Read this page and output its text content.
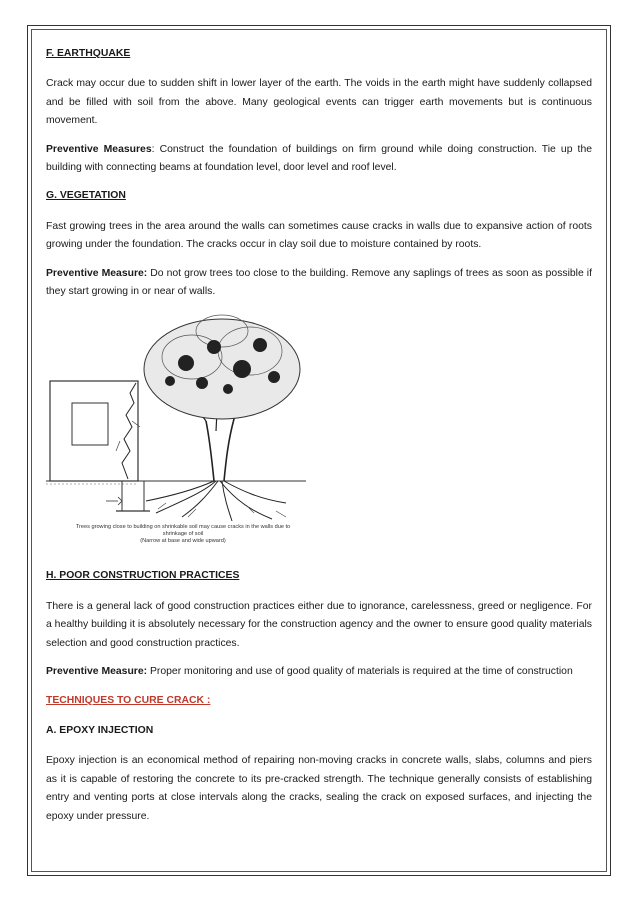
F. EARTHQUAKE

Crack may occur due to sudden shift in lower layer of the earth. The voids in the earth might have suddenly collapsed and be filled with soil from the above. Many geological events can trigger earth movements but is continuous movement.

Preventive Measures: Construct the foundation of buildings on firm ground while doing construction. Tie up the building with connecting beams at foundation level, door level and roof level.

G. VEGETATION

Fast growing trees in the area around the walls can sometimes cause cracks in walls due to expansive action of roots growing under the foundation. The cracks occur in clay soil due to moisture contained by roots.

Preventive Measure: Do not grow trees too close to the building. Remove any saplings of trees as soon as possible if they start growing in or near of walls.

Trees growing close to building on shrinkable soil may cause cracks in the walls due to
shrinkage of soil
(Narrow at base and wide upward)
H. POOR CONSTRUCTION PRACTICES

There is a general lack of good construction practices either due to ignorance, carelessness, greed or negligence. For a healthy building it is absolutely necessary for the construction agency and the owner to ensure good quality materials selection and good construction practices.

Preventive Measure: Proper monitoring and use of good quality of materials is required at the time of construction

TECHNIQUES TO CURE CRACK :
A. EPOXY INJECTION

Epoxy injection is an economical method of repairing non-moving cracks in concrete walls, slabs, columns and piers as it is capable of restoring the concrete to its pre-cracked strength. The technique generally consists of establishing entry and venting ports at close intervals along the cracks, sealing the crack on exposed surfaces, and injecting the epoxy under pressure.
